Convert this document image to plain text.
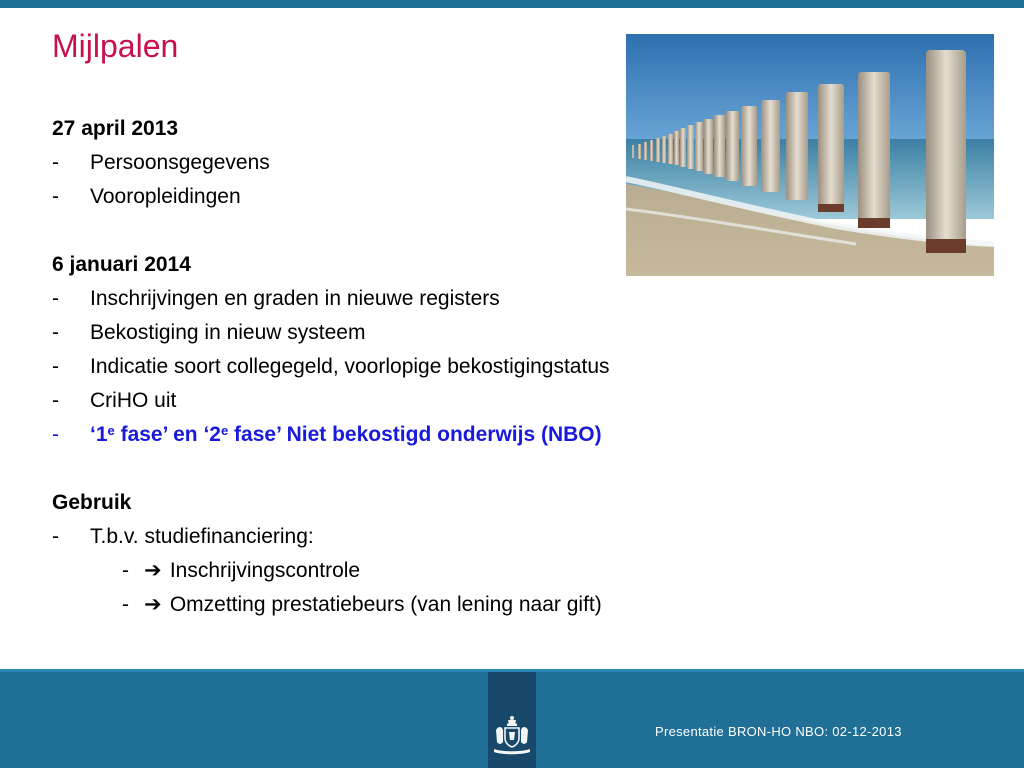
Mijlpalen
27 april 2013
- Persoonsgegevens
- Vooropleidingen
6 januari 2014
- Inschrijvingen en graden in nieuwe registers
- Bekostiging in nieuw systeem
- Indicatie soort collegegeld, voorlopige bekostigingstatus
- CriHO uit
- ‘1e fase’ en ‘2e fase’ Niet bekostigd onderwijs (NBO)
Gebruik
- T.b.v. studiefinanciering:
- ➔ Inschrijvingscontrole
- ➔ Omzetting prestatiebeurs (van lening naar gift)
Presentatie BRON-HO NBO: 02-12-2013
